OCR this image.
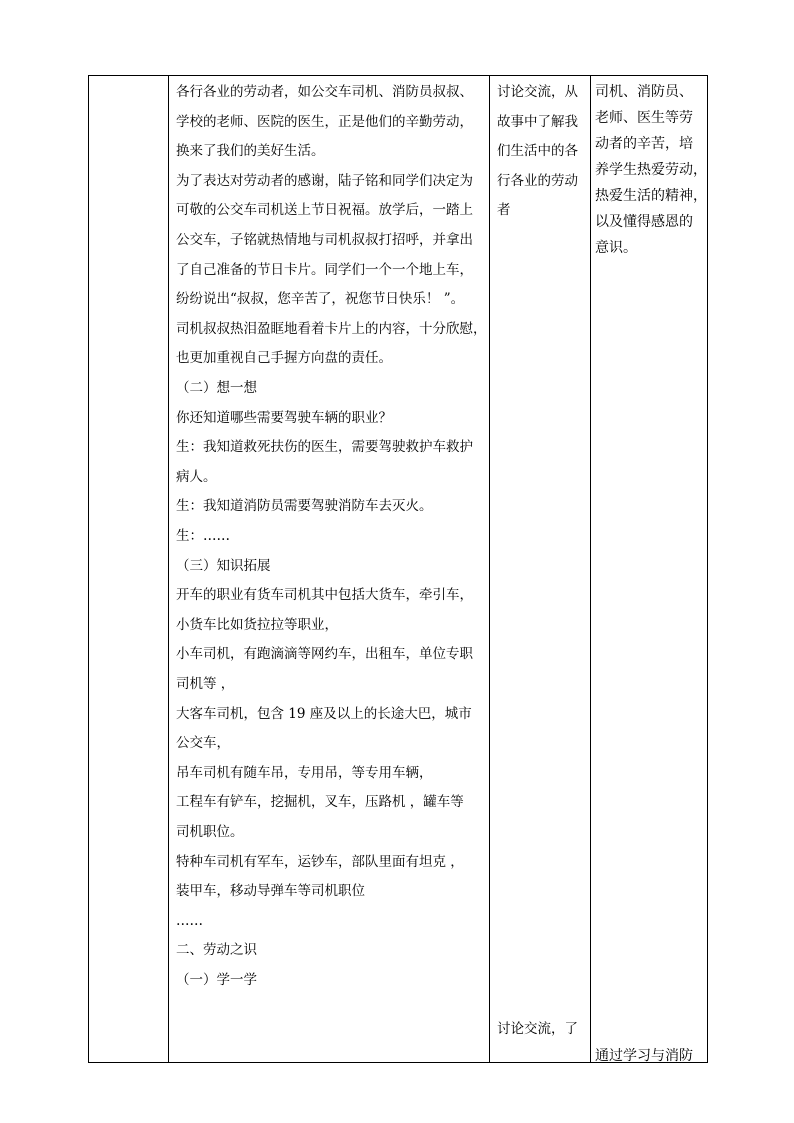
各行各业的劳动者，如公交车司机、消防员叔叔、
学校的老师、医院的医生，正是他们的辛勤劳动，
换来了我们的美好生活。
为了表达对劳动者的感谢，陆子铭和同学们决定为
可敬的公交车司机送上节日祝福。放学后，一踏上
公交车，子铭就热情地与司机叔叔打招呼，并拿出
了自己准备的节日卡片。同学们一个一个地上车，
纷纷说出“叔叔，您辛苦了，祝您节日快乐！ ”。
司机叔叔热泪盈眶地看着卡片上的内容，十分欣慰，
也更加重视自己手握方向盘的责任。
（二）想一想
你还知道哪些需要驾驶车辆的职业？
生：我知道救死扶伤的医生，需要驾驶救护车救护
病人。
生：我知道消防员需要驾驶消防车去灭火。
生：……
（三）知识拓展
开车的职业有货车司机其中包括大货车，牵引车，
小货车比如货拉拉等职业，
小车司机，有跑滴滴等网约车，出租车，单位专职
司机等 ，
大客车司机，包含 19 座及以上的长途大巴，城市
公交车，
吊车司机有随车吊，专用吊，等专用车辆，
工程车有铲车，挖掘机，叉车，压路机 ，罐车等
司机职位。
特种车司机有军车，运钞车，部队里面有坦克 ，
装甲车，移动导弹车等司机职位
……
二、劳动之识
（一）学一学
讨论交流，了
讨论交流，从
故事中了解我
们生活中的各
行各业的劳动
者
通过学习与消防
司机、消防员、
老师、医生等劳
动者的辛苦，培
养学生热爱劳动，
热爱生活的精神，
以及懂得感恩的
意识。
